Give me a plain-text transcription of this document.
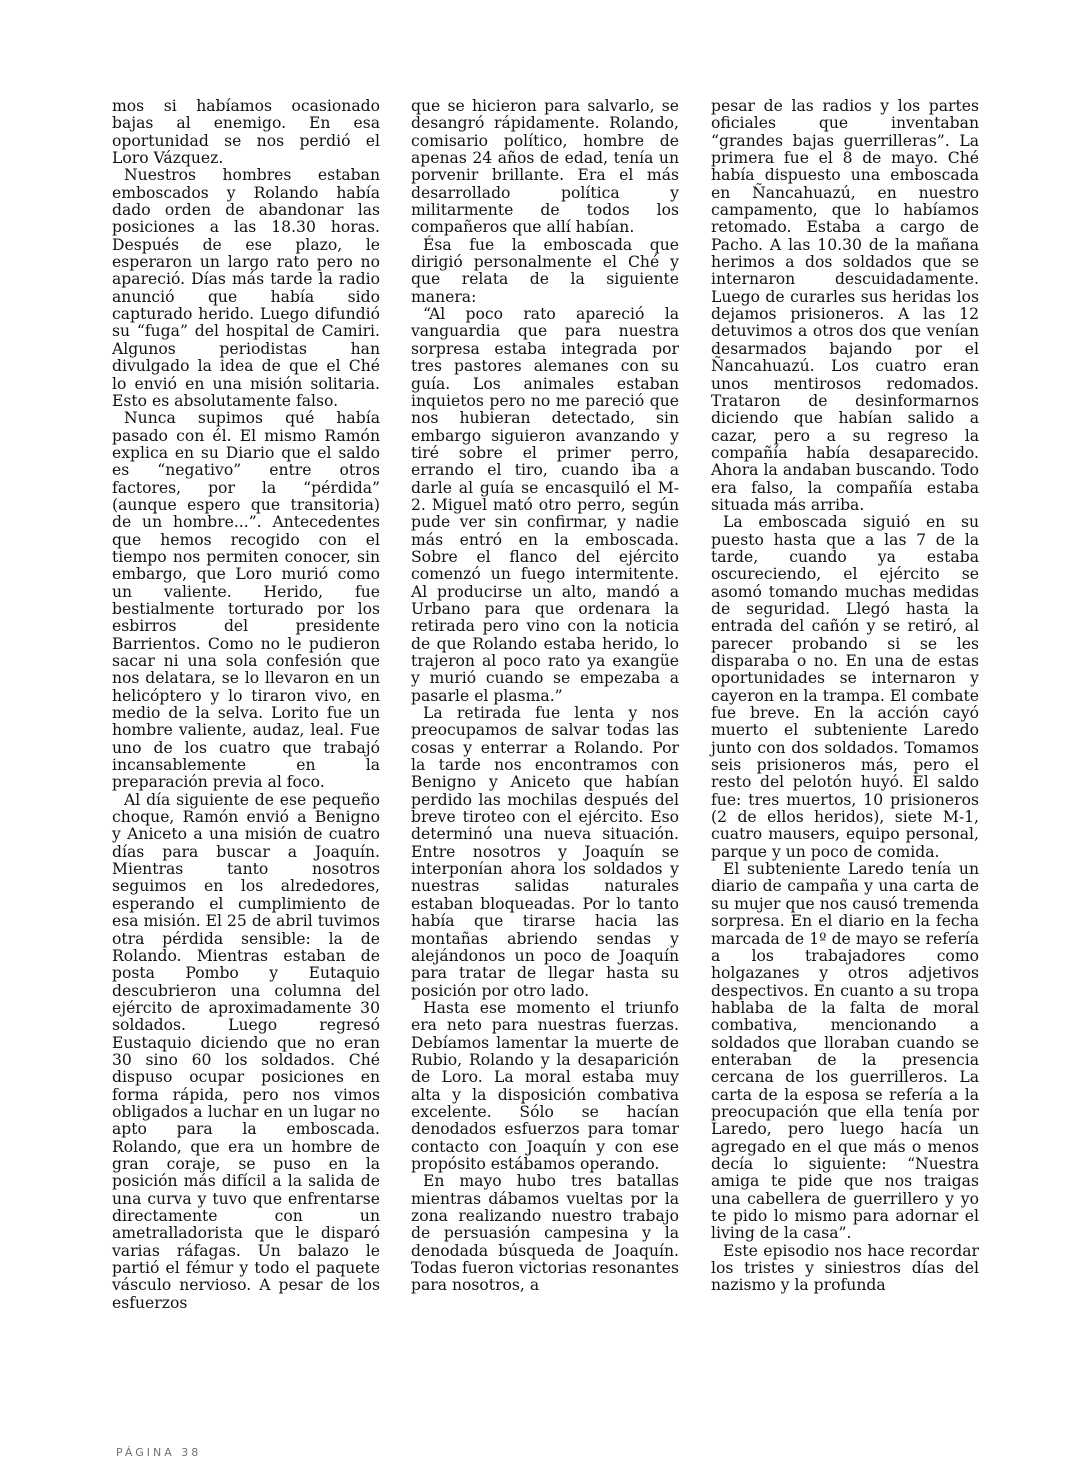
mos si habíamos ocasionado bajas al enemigo. En esa oportunidad se nos perdió el Loro Vázquez.

Nuestros hombres estaban emboscados y Rolando había dado orden de abandonar las posiciones a las 18.30 horas. Después de ese plazo, le esperaron un largo rato pero no apareció. Días más tarde la radio anunció que había sido capturado herido. Luego difundió su “fuga” del hospital de Camiri. Algunos periodistas han divulgado la idea de que el Ché lo envió en una misión solitaria. Esto es absolutamente falso.

Nunca supimos qué había pasado con él. El mismo Ramón explica en su Diario que el saldo es “negativo” entre otros factores, por la “pérdida” (aunque espero que transitoria) de un hombre...”. Antecedentes que hemos recogido con el tiempo nos permiten conocer, sin embargo, que Loro murió como un valiente. Herido, fue bestialmente torturado por los esbirros del presidente Barrientos. Como no le pudieron sacar ni una sola confesión que nos delatara, se lo llevaron en un helicóptero y lo tiraron vivo, en medio de la selva. Lorito fue un hombre valiente, audaz, leal. Fue uno de los cuatro que trabajó incansablemente en la preparación previa al foco.

Al día siguiente de ese pequeño choque, Ramón envió a Benigno y Aniceto a una misión de cuatro días para buscar a Joaquín. Mientras tanto nosotros seguimos en los alrededores, esperando el cumplimiento de esa misión. El 25 de abril tuvimos otra pérdida sensible: la de Rolando. Mientras estaban de posta Pombo y Eutaquio descubrieron una columna del ejército de aproximadamente 30 soldados. Luego regresó Eustaquio diciendo que no eran 30 sino 60 los soldados. Ché dispuso ocupar posiciones en forma rápida, pero nos vimos obligados a luchar en un lugar no apto para la emboscada. Rolando, que era un hombre de gran coraje, se puso en la posición más difícil a la salida de una curva y tuvo que enfrentarse directamente con un ametralladorista que le disparó varias ráfagas. Un balazo le partió el fémur y todo el paquete vásculo nervioso. A pesar de los esfuerzos

que se hicieron para salvarlo, se desangró rápidamente. Rolando, comisario político, hombre de apenas 24 años de edad, tenía un porvenir brillante. Era el más desarrollado política y militarmente de todos los compañeros que allí habían.

Ésa fue la emboscada que dirigió personalmente el Ché y que relata de la siguiente manera:

“Al poco rato apareció la vanguardia que para nuestra sorpresa estaba integrada por tres pastores alemanes con su guía. Los animales estaban inquietos pero no me pareció que nos hubieran detectado, sin embargo siguieron avanzando y tiré sobre el primer perro, errando el tiro, cuando iba a darle al guía se encasquiló el M-2. Miguel mató otro perro, según pude ver sin confirmar, y nadie más entró en la emboscada. Sobre el flanco del ejército comenzó un fuego intermitente. Al producirse un alto, mandó a Urbano para que ordenara la retirada pero vino con la noticia de que Rolando estaba herido, lo trajeron al poco rato ya exangüe y murió cuando se empezaba a pasarle el plasma.”

La retirada fue lenta y nos preocupamos de salvar todas las cosas y enterrar a Rolando. Por la tarde nos encontramos con Benigno y Aniceto que habían perdido las mochilas después del breve tiroteo con el ejército. Eso determinó una nueva situación. Entre nosotros y Joaquín se interponían ahora los soldados y nuestras salidas naturales estaban bloqueadas. Por lo tanto había que tirarse hacia las montañas abriendo sendas y alejándonos un poco de Joaquín para tratar de llegar hasta su posición por otro lado.

Hasta ese momento el triunfo era neto para nuestras fuerzas. Debíamos lamentar la muerte de Rubio, Rolando y la desaparición de Loro. La moral estaba muy alta y la disposición combativa excelente. Sólo se hacían denodados esfuerzos para tomar contacto con Joaquín y con ese propósito estábamos operando.

En mayo hubo tres batallas mientras dábamos vueltas por la zona realizando nuestro trabajo de persuasión campesina y la denodada búsqueda de Joaquín. Todas fueron victorias resonantes para nosotros, a

pesar de las radios y los partes oficiales que inventaban “grandes bajas guerrilleras”. La primera fue el 8 de mayo. Ché había dispuesto una emboscada en Ñancahuazú, en nuestro campamento, que lo habíamos retomado. Estaba a cargo de Pacho. A las 10.30 de la mañana herimos a dos soldados que se internaron descuidadamente. Luego de curarles sus heridas los dejamos prisioneros. A las 12 detuvimos a otros dos que venían desarmados bajando por el Ñancahuazú. Los cuatro eran unos mentirosos redomados. Trataron de desinformarnos diciendo que habían salido a cazar, pero a su regreso la compañía había desaparecido. Ahora la andaban buscando. Todo era falso, la compañía estaba situada más arriba.

La emboscada siguió en su puesto hasta que a las 7 de la tarde, cuando ya estaba oscureciendo, el ejército se asomó tomando muchas medidas de seguridad. Llegó hasta la entrada del cañón y se retiró, al parecer probando si se les disparaba o no. En una de estas oportunidades se internaron y cayeron en la trampa. El combate fue breve. En la acción cayó muerto el subteniente Laredo junto con dos soldados. Tomamos seis prisioneros más, pero el resto del pelotón huyó. El saldo fue: tres muertos, 10 prisioneros (2 de ellos heridos), siete M-1, cuatro mausers, equipo personal, parque y un poco de comida.

El subteniente Laredo tenía un diario de campaña y una carta de su mujer que nos causó tremenda sorpresa. En el diario en la fecha marcada de 1º de mayo se refería a los trabajadores como holgazanes y otros adjetivos despectivos. En cuanto a su tropa hablaba de la falta de moral combativa, mencionando a soldados que lloraban cuando se enteraban de la presencia cercana de los guerrilleros. La carta de la esposa se refería a la preocupación que ella tenía por Laredo, pero luego hacía un agregado en el que más o menos decía lo siguiente: “Nuestra amiga te pide que nos traigas una cabellera de guerrillero y yo te pido lo mismo para adornar el living de la casa”.

Este episodio nos hace recordar los tristes y siniestros días del nazismo y la profunda

PÁGINA 38
